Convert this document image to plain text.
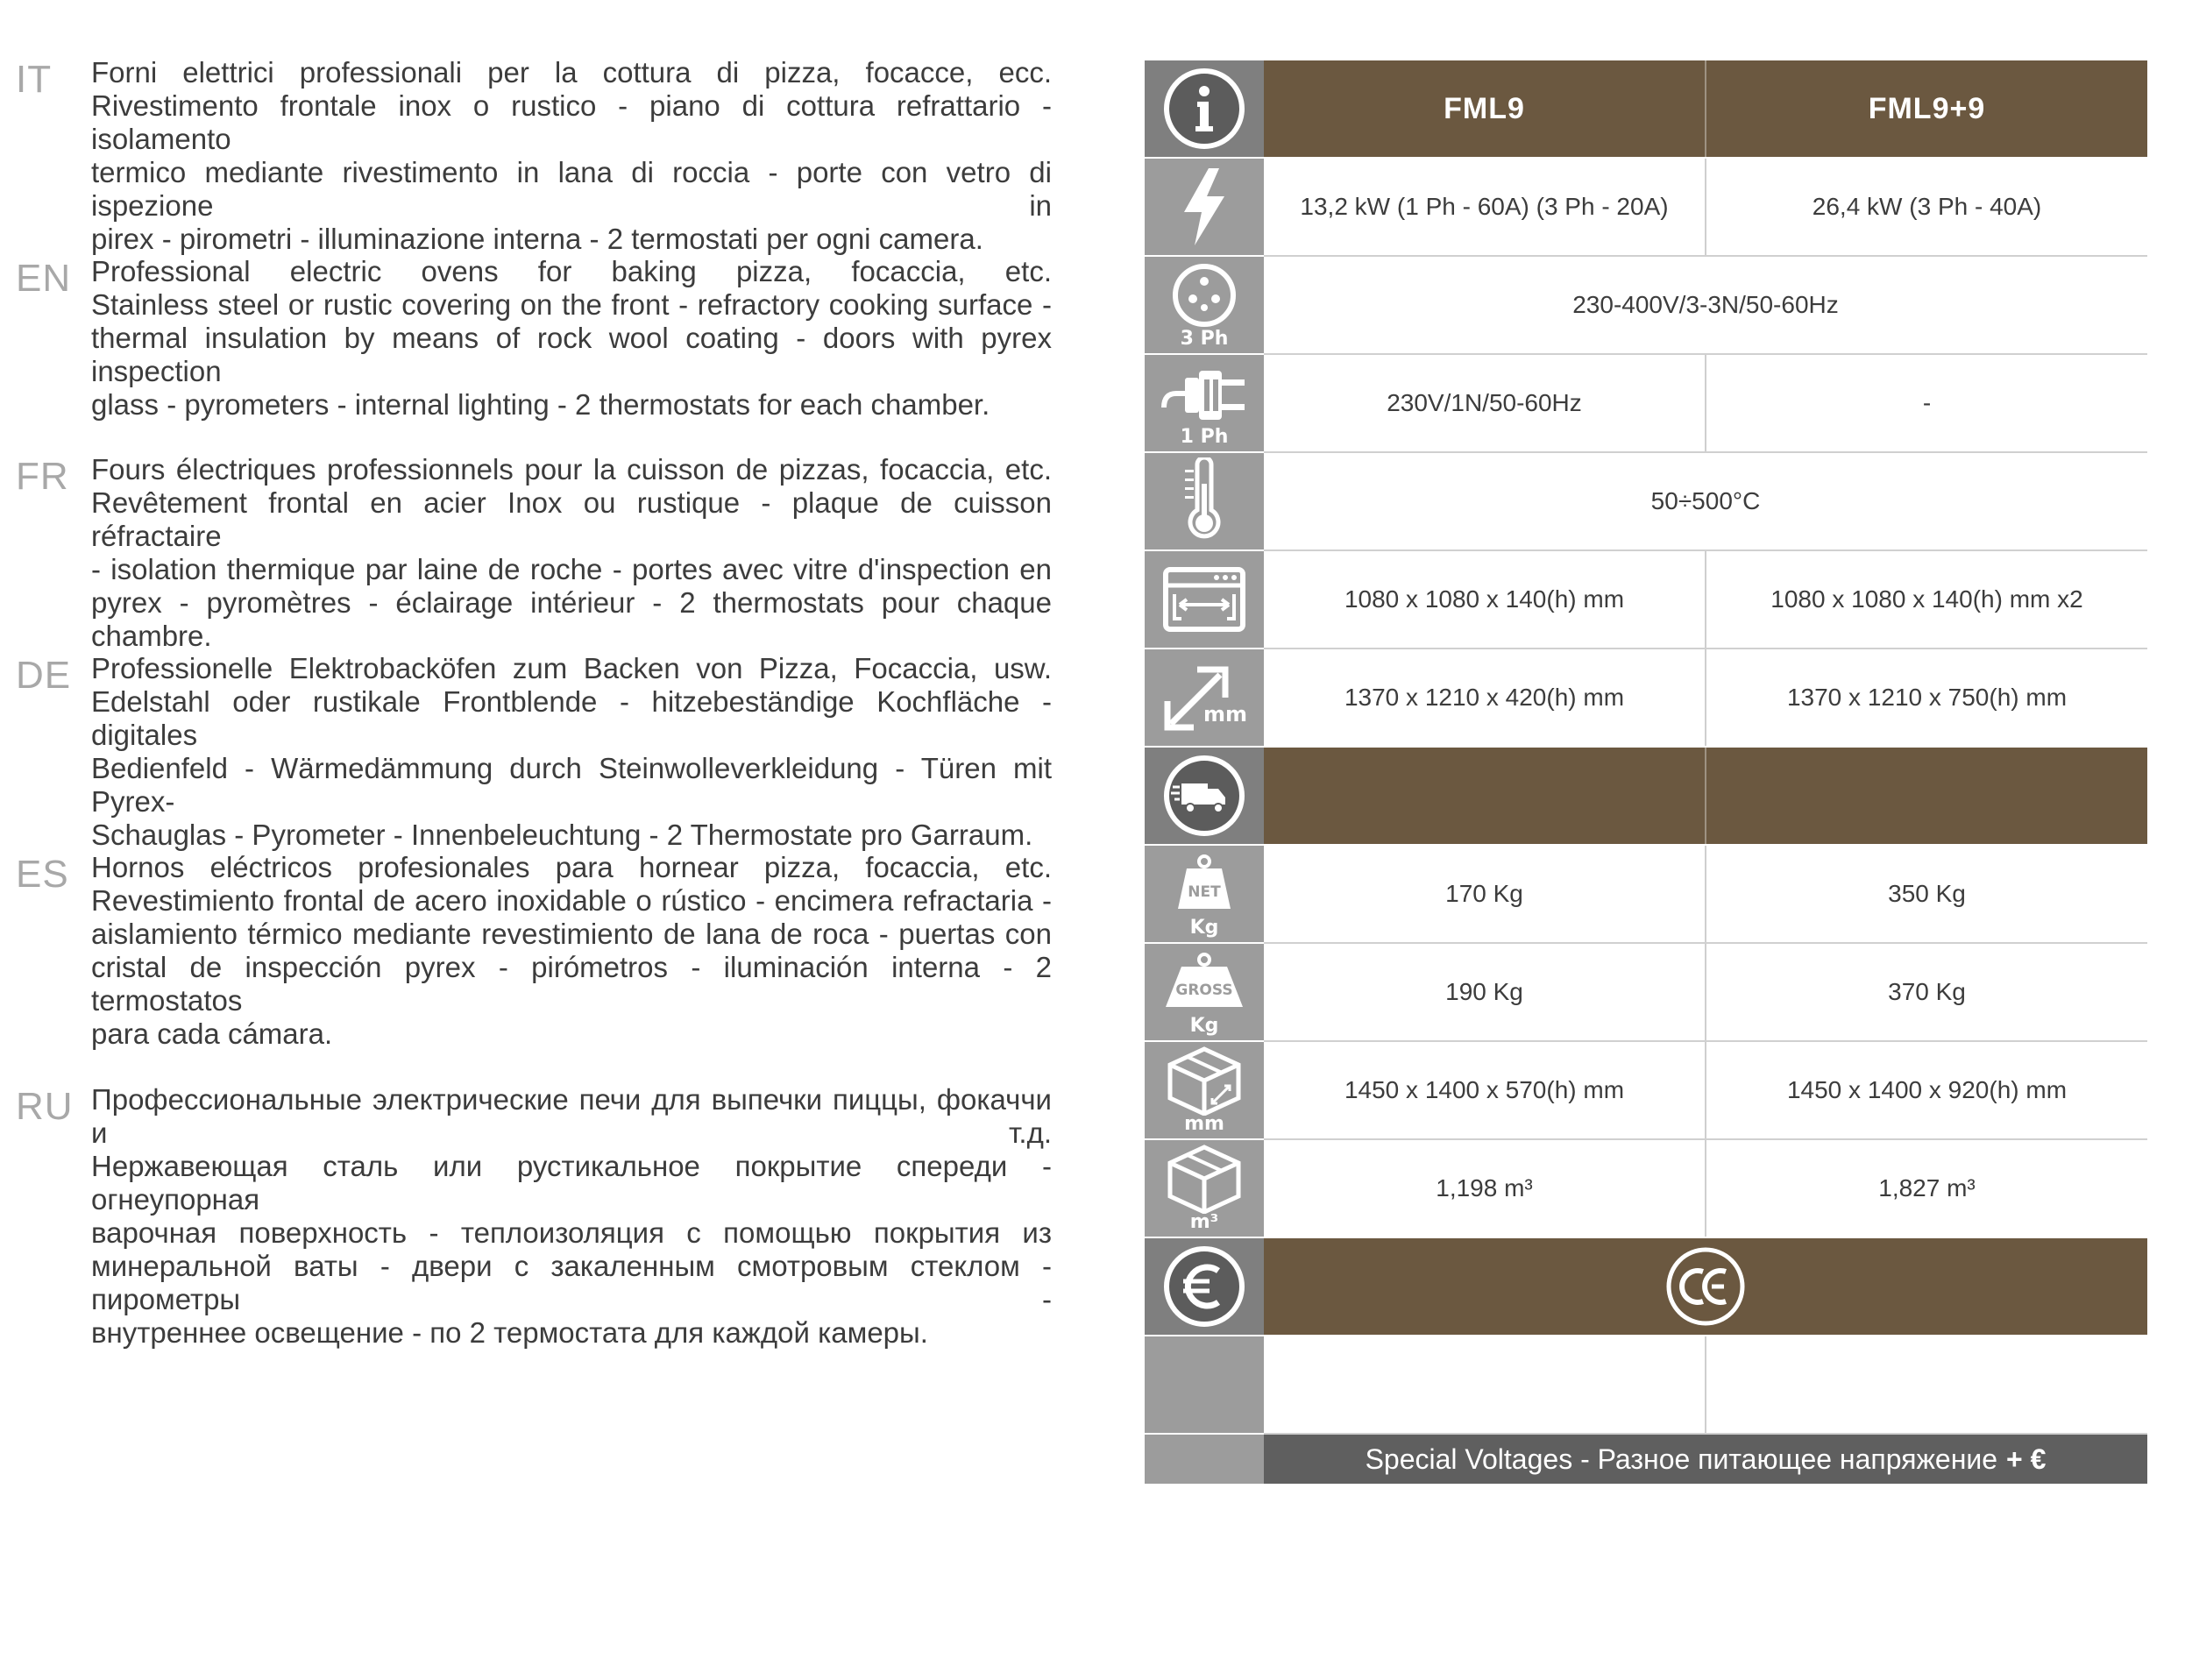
IT Forni elettrici professionali per la cottura di pizza, focacce, ecc.
Rivestimento frontale inox o rustico - piano di cottura refrattario - isolamento
termico mediante rivestimento in lana di roccia - porte con vetro di ispezione in
pirex - pirometri - illuminazione interna - 2 termostati per ogni camera.
EN Professional electric ovens for baking pizza, focaccia, etc.
Stainless steel or rustic covering on the front - refractory cooking surface -
thermal insulation by means of rock wool coating - doors with pyrex inspection
glass - pyrometers - internal lighting - 2 thermostats for each chamber.
FR Fours électriques professionnels pour la cuisson de pizzas, focaccia, etc.
Revêtement frontal en acier Inox ou rustique - plaque de cuisson réfractaire
- isolation thermique par laine de roche - portes avec vitre d'inspection en
pyrex - pyromètres - éclairage intérieur - 2 thermostats pour chaque chambre.
DE Professionelle Elektrobacköfen zum Backen von Pizza, Focaccia, usw.
Edelstahl oder rustikale Frontblende - hitzebeständige Kochfläche - digitales
Bedienfeld - Wärmedämmung durch Steinwolleverkleidung - Türen mit Pyrex-
Schauglas - Pyrometer - Innenbeleuchtung - 2 Thermostate pro Garraum.
ES Hornos eléctricos profesionales para hornear pizza, focaccia, etc.
Revestimiento frontal de acero inoxidable o rústico - encimera refractaria -
aislamiento térmico mediante revestimiento de lana de roca - puertas con
cristal de inspección pyrex - pirómetros - iluminación interna - 2 termostatos
para cada cámara.
RU Профессиональные электрические печи для выпечки пиццы, фокаччи и т.д.
Нержавеющая сталь или рустикальное покрытие спереди - огнеупорная
варочная поверхность - теплоизоляция с помощью покрытия из
минеральной ваты - двери с закаленным смотровым стеклом - пирометры -
внутреннее освещение - по 2 термостата для каждой камеры.
FML9	FML9+9
13,2 kW (1 Ph - 60A) (3 Ph - 20A)	26,4 kW (3 Ph - 40A)
3 Ph
230-400V/3-3N/50-60Hz
1 Ph
230V/1N/50-60Hz	-
50÷500°C
1080 x 1080 x 140(h) mm	1080 x 1080 x 140(h) mm x2
mm
1370 x 1210 x 420(h) mm	1370 x 1210 x 750(h) mm
NET
Kg
170 Kg	350 Kg
GROSS
Kg
190 Kg	370 Kg
mm
1450 x 1400 x 570(h) mm	1450 x 1400 x 920(h) mm
m³
1,198 m³	1,827 m³
Special Voltages - Разное питающее напряжение + €
